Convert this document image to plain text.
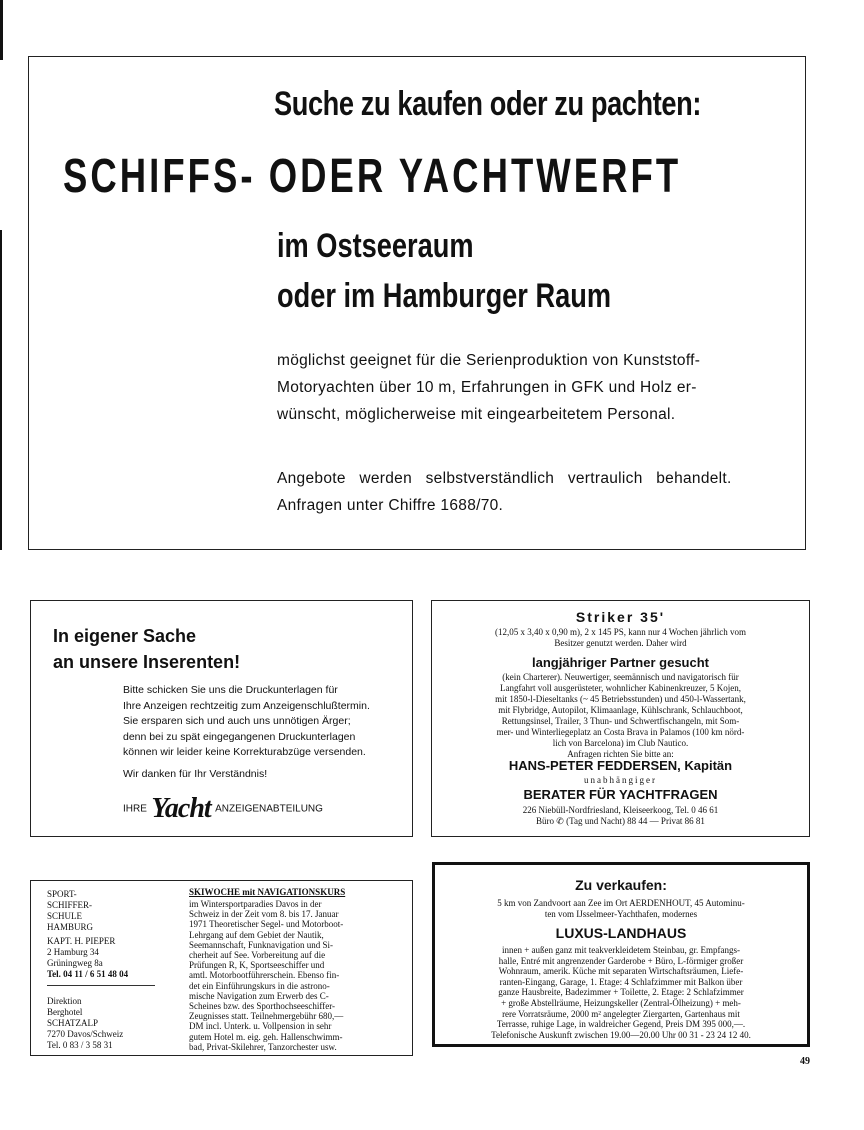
Suche zu kaufen oder zu pachten:
SCHIFFS- ODER YACHTWERFT
im Ostseeraum
oder im Hamburger Raum
möglichst geeignet für die Serienproduktion von Kunststoff-
Motoryachten über 10 m, Erfahrungen in GFK und Holz er-
wünscht, möglicherweise mit eingearbeitetem Personal.
Angebote werden selbstverständlich vertraulich behandelt.
Anfragen unter Chiffre 1688/70.
In eigener Sache
an unsere Inserenten!
Bitte schicken Sie uns die Druckunterlagen für
Ihre Anzeigen rechtzeitig zum Anzeigenschlußtermin.
Sie ersparen sich und auch uns unnötigen Ärger;
denn bei zu spät eingegangenen Druckunterlagen
können wir leider keine Korrekturabzüge versenden.
Wir danken für Ihr Verständnis!
IHRE Yacht ANZEIGENABTEILUNG
Striker 35'
(12,05 x 3,40 x 0,90 m), 2 x 145 PS, kann nur 4 Wochen jährlich vom
Besitzer genutzt werden. Daher wird
langjähriger Partner gesucht
(kein Charterer). Neuwertiger, seemännisch und navigatorisch für
Langfahrt voll ausgerüsteter, wohnlicher Kabinenkreuzer, 5 Kojen,
mit 1850-l-Dieseltanks (~ 45 Betriebsstunden) und 450-l-Wassertank,
mit Flybridge, Autopilot, Klimaanlage, Kühlschrank, Schlauchboot,
Rettungsinsel, Trailer, 3 Thun- und Schwertfischangeln, mit Som-
mer- und Winterliegeplatz an Costa Brava in Palamos (100 km nörd-
lich von Barcelona) im Club Nautico.
Anfragen richten Sie bitte an:
HANS-PETER FEDDERSEN, Kapitän
unabhängiger
BERATER FÜR YACHTFRAGEN
226 Niebüll-Nordfriesland, Kleiseerkoog, Tel. 0 46 61
Büro ✆ (Tag und Nacht) 88 44 — Privat 86 81
SPORT-
SCHIFFER-
SCHULE
HAMBURG
KAPT. H. PIEPER
2 Hamburg 34
Grüningweg 8a
Tel. 04 11 / 6 51 48 04
Direktion
Berghotel
SCHATZALP
7270 Davos/Schweiz
Tel. 0 83 / 3 58 31
SKIWOCHE mit NAVIGATIONSKURS
im Wintersportparadies Davos in der
Schweiz in der Zeit vom 8. bis 17. Januar
1971 Theoretischer Segel- und Motorboot-
Lehrgang auf dem Gebiet der Nautik,
Seemannschaft, Funknavigation und Si-
cherheit auf See. Vorbereitung auf die
Prüfungen R, K, Sportseeschiffer und
amtl. Motorbootführerschein. Ebenso fin-
det ein Einführungskurs in die astrono-
mische Navigation zum Erwerb des C-
Scheines bzw. des Sporthochseeschiffer-
Zeugnisses statt. Teilnehmergebühr 680,—
DM incl. Unterk. u. Vollpension in sehr
gutem Hotel m. eig. geh. Hallenschwimm-
bad, Privat-Skilehrer, Tanzorchester usw.
Zu verkaufen:
5 km von Zandvoort aan Zee im Ort AERDENHOUT, 45 Autominu-
ten vom IJsselmeer-Yachthafen, modernes
LUXUS-LANDHAUS
innen + außen ganz mit teakverkleidetem Steinbau, gr. Empfangs-
halle, Entré mit angrenzender Garderobe + Büro, L-förmiger großer
Wohnraum, amerik. Küche mit separaten Wirtschaftsräumen, Liefe-
ranten-Eingang, Garage, 1. Etage: 4 Schlafzimmer mit Balkon über
ganze Hausbreite, Badezimmer + Toilette, 2. Etage: 2 Schlafzimmer
+ große Abstellräume, Heizungskeller (Zentral-Ölheizung) + meh-
rere Vorratsräume, 2000 m² angelegter Ziergarten, Gartenhaus mit
Terrasse, ruhige Lage, in waldreicher Gegend, Preis DM 395 000,—.
Telefonische Auskunft zwischen 19.00—20.00 Uhr 00 31 - 23 24 12 40.
49
